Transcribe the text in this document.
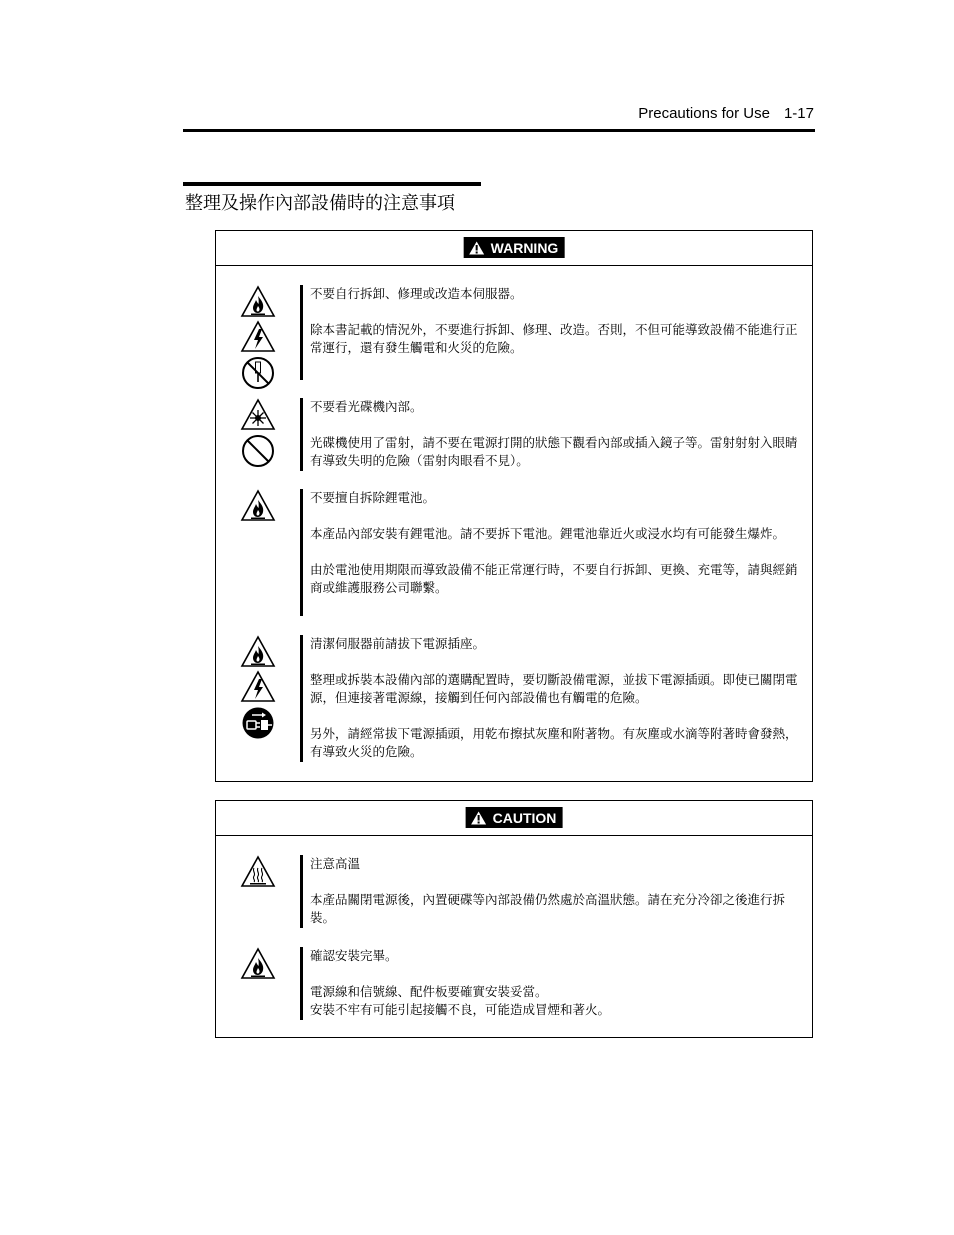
Precautions for Use 1-17
整理及操作內部設備時的注意事項
WARNING

不要自行拆卸、修理或改造本伺服器。

除本書記載的情況外，不要進行拆卸、修理、改造。否則，不但可能導致設備不能進行正常運行，還有發生觸電和火災的危險。

不要看光碟機內部。

光碟機使用了雷射，請不要在電源打開的狀態下觀看內部或插入鏡子等。雷射射射入眼睛有導致失明的危險（雷射肉眼看不見）。

不要擅自拆除鋰電池。

本產品內部安裝有鋰電池。請不要拆下電池。鋰電池靠近火或浸水均有可能發生爆炸。

由於電池使用期限而導致設備不能正常運行時，不要自行拆卸、更換、充電等，請與經銷商或維護服務公司聯繫。

清潔伺服器前請拔下電源插座。

整理或拆裝本設備內部的選購配置時，要切斷設備電源，並拔下電源插頭。即使已關閉電源，但連接著電源線，接觸到任何內部設備也有觸電的危險。

另外，請經常拔下電源插頭，用乾布擦拭灰塵和附著物。有灰塵或水滴等附著時會發熱，有導致火災的危險。

CAUTION

注意高溫

本產品關閉電源後，內置硬碟等內部設備仍然處於高溫狀態。請在充分冷卻之後進行拆裝。

確認安裝完畢。

電源線和信號線、配件板要確實安裝妥當。
安裝不牢有可能引起接觸不良，可能造成冒煙和著火。
